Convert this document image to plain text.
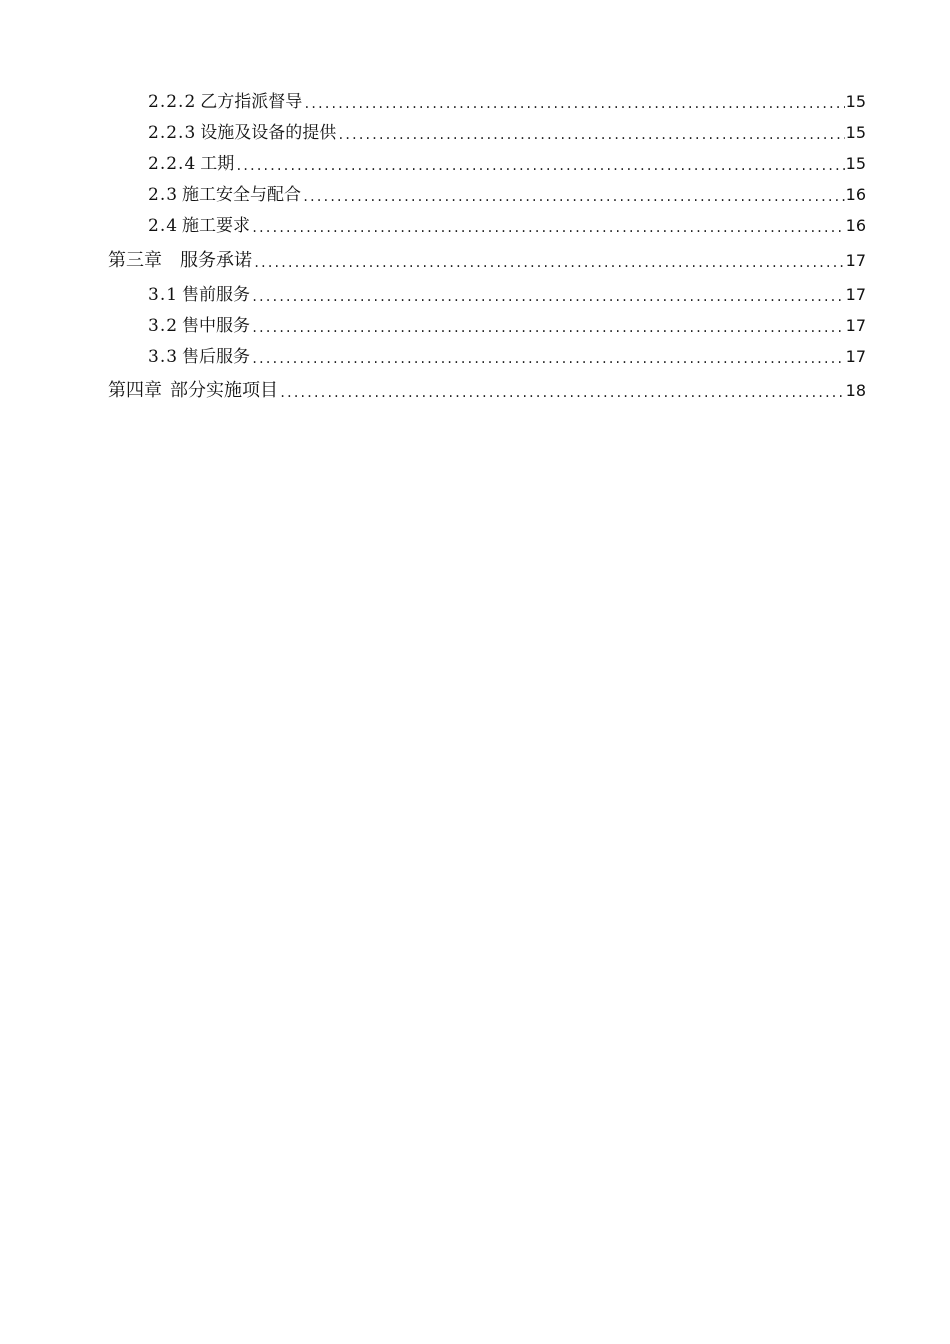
2.2.2 乙方指派督导 .....	15
2.2.3 设施及设备的提供 .....	15
2.2.4 工期 .....	15
2.3 施工安全与配合 .....	16
2.4 施工要求 .....	16
第三章 　服务承诺 .....	17
3.1 售前服务 .....	17
3.2 售中服务 .....	17
3.3 售后服务 .....	17
第四章 部分实施项目 .....	18
